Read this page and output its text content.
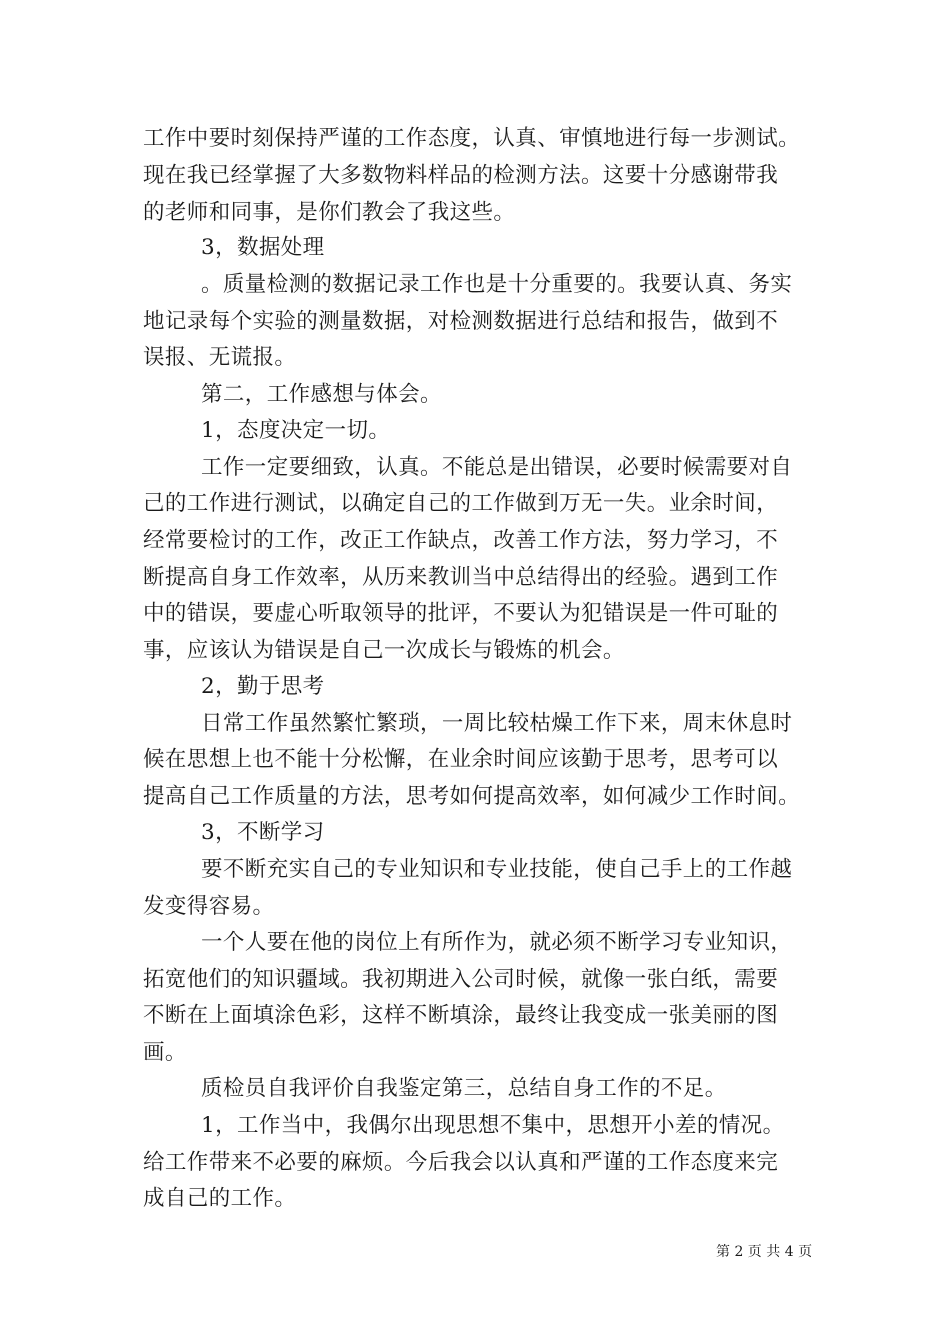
工作中要时刻保持严谨的工作态度，认真、审慎地进行每一步测试。
现在我已经掌握了大多数物料样品的检测方法。这要十分感谢带我
的老师和同事，是你们教会了我这些。
3，数据处理
。质量检测的数据记录工作也是十分重要的。我要认真、务实
地记录每个实验的测量数据，对检测数据进行总结和报告，做到不
误报、无谎报。
第二，工作感想与体会。
1，态度决定一切。
工作一定要细致，认真。不能总是出错误，必要时候需要对自
己的工作进行测试，以确定自己的工作做到万无一失。业余时间，
经常要检讨的工作，改正工作缺点，改善工作方法，努力学习，不
断提高自身工作效率，从历来教训当中总结得出的经验。遇到工作
中的错误，要虚心听取领导的批评，不要认为犯错误是一件可耻的
事，应该认为错误是自己一次成长与锻炼的机会。
2，勤于思考
日常工作虽然繁忙繁琐，一周比较枯燥工作下来，周末休息时
候在思想上也不能十分松懈，在业余时间应该勤于思考，思考可以
提高自己工作质量的方法，思考如何提高效率，如何减少工作时间。
3，不断学习
要不断充实自己的专业知识和专业技能，使自己手上的工作越
发变得容易。
一个人要在他的岗位上有所作为，就必须不断学习专业知识，
拓宽他们的知识疆域。我初期进入公司时候，就像一张白纸，需要
不断在上面填涂色彩，这样不断填涂，最终让我变成一张美丽的图
画。
质检员自我评价自我鉴定第三，总结自身工作的不足。
1，工作当中，我偶尔出现思想不集中，思想开小差的情况。
给工作带来不必要的麻烦。今后我会以认真和严谨的工作态度来完
成自己的工作。
第 2 页 共 4 页
